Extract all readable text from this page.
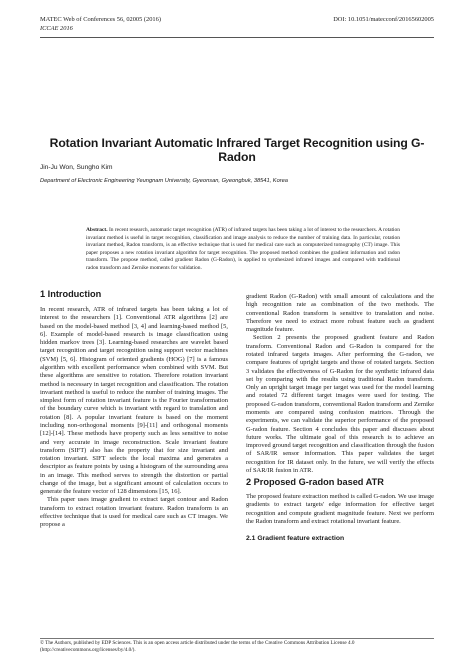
MATEC Web of Conferences 56, 02005 (2016)	DOI: 10.1051/matecconf/20165602005
ICCAE 2016
Rotation Invariant Automatic Infrared Target Recognition using G-Radon
Jin-Ju Won, Sungho Kim
Department of Electronic Engineering Yeungnam University, Gyeonsan, Gyeongbuk, 38541, Korea
Abstract. In recent research, automatic target recognition (ATR) of infrared targets has been taking a lot of interest to the researchers. A rotation invariant method is useful in target recognition, classification and image analysis to reduce the number of training data. In particular, rotation invariant method, Radon transform, is an effective technique that is used for medical care such as computerized tomography (CT) image. This paper proposes a new rotation invariant algorithm for target recognition. The proposed method combines the gradient information and radon transform. The propose method, called gradient Radon (G-Radon), is applied to synthesized infrared images and compared with traditional radon transform and Zernike moments for validation.
1 Introduction

In recent research, ATR of infrared targets has been taking a lot of interest to the researchers [1]. Conventional ATR algorithms [2] are based on the model-based method [3, 4] and learning-based method [5, 6]. Example of model-based research is image classification using hidden markov trees [3]. Learning-based researches are wavelet based target recognition and target recognition using support vector machines (SVM) [5, 6]. Histogram of oriented gradients (HOG) [7] is a famous algorithm with excellent performance when combined with SVM. But these algorithms are sensitive to rotation. Therefore rotation invariant method is necessary in target recognition and classification. The rotation invariant method is useful to reduce the number of training images. The simplest form of rotation invariant feature is the Fourier transformation of the boundary curve which is invariant with regard to translation and rotation [8]. A popular invariant feature is based on the moment including non-orthogonal moments [9]-[11] and orthogonal moments [12]-[14]. These methods have property such as less sensitive to noise and very accurate in image reconstruction. Scale invariant feature transform (SIFT) also has the property that for size invariant and rotation invariant. SIFT selects the local maxima and generates a descriptor as feature points by using a histogram of the surrounding area in an image. This method serves to strength the distortion or partial change of the image, but a significant amount of calculation occurs to generate the feature vector of 128 dimensions [15, 16].

This paper uses image gradient to extract target contour and Radon transform to extract rotation invariant feature. Radon transform is an effective technique that is used for medical care such as CT images. We propose a

gradient Radon (G-Radon) with small amount of calculations and the high recognition rate as combination of the two methods. The conventional Radon transform is sensitive to translation and noise. Therefore we need to extract more robust feature such as gradient magnitude feature.

Section 2 presents the proposed gradient feature and Radon transform. Conventional Radon and G-Radon is compared for the rotated infrared targets images. After performing the G-radon, we compare features of upright targets and those of rotated targets. Section 3 validates the effectiveness of G-Radon for the synthetic infrared data set by comparing with the results using traditional Radon transform. Only an upright target image per target was used for the model learning and rotated 72 different target images were used for testing. The proposed G-radon transform, conventional Radon transform and Zernike moments are compared using confusion matrices. Through the experiments, we can validate the superior performance of the proposed G-radon feature. Section 4 concludes this paper and discusses about future works. The ultimate goal of this research is to achieve an improved ground target recognition and classification through the fusion of SAR/IR sensor information. This paper validates the target recognition for IR dataset only. In the future, we will verify the effects of SAR/IR fusion in ATR.

2 Proposed G-radon based ATR

The proposed feature extraction method is called G-radon. We use image gradients to extract targets' edge information for effective target recognition and compute gradient magnitude feature. Next we perform the Radon transform and extract rotational invariant feature.

2.1 Gradient feature extraction
© The Authors, published by EDP Sciences. This is an open access article distributed under the terms of the Creative Commons Attribution License 4.0 (http://creativecommons.org/licenses/by/4.0/).
